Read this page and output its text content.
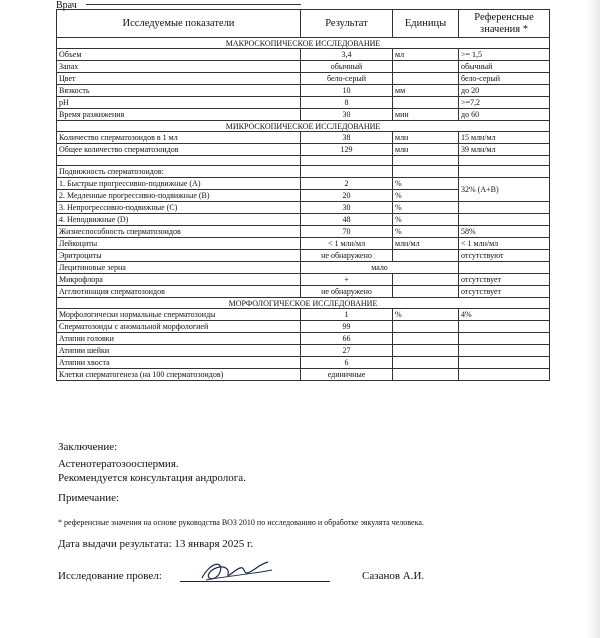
Врач
Исследуемые показатели	Результат	Единицы	Референсные значения *
МАКРОСКОПИЧЕСКОЕ ИССЛЕДОВАНИЕ			
Объем	3,4	мл	>= 1,5
Запах	обычный		обычный
Цвет	бело-серый		бело-серый
Вязкость	10	мм	до 20
pH	8		>=7,2
Время разжижения	30	мин	до 60
МИКРОСКОПИЧЕСКОЕ ИССЛЕДОВАНИЕ			
Количество сперматозоидов в 1 мл	38	млн	15 млн/мл
Общее количество сперматозоидов	129	млн	39 млн/мл

Подвижность сперматозоидов:			
1. Быстрые прогрессивно-подвижные (А)	2	%	32% (А+В)
2. Медленные прогрессивно-подвижные (В)	20	%	
3. Непрогрессивно-подвижные (С)	30	%	
4. Неподвижные (D)	48	%	
Жизнеспособность сперматозоидов	70	%	58%
Лейкоциты	< 1 млн/мл	млн/мл	< 1 млн/мл
Эритроциты	не обнаружено		отсутствуют
Лецитиновые зерна	мало		
Микрофлора	+		отсутствует
Агглютинация сперматозоидов	не обнаружено		отсутствует
МОРФОЛОГИЧЕСКОЕ ИССЛЕДОВАНИЕ			
Морфологически нормальные сперматозоиды	1	%	4%
Сперматозоиды с аномальной морфологией	99		
Атипии головки	66		
Атипии шейки	27		
Атипии хвоста	6		
Клетки сперматогенеза (на 100 сперматозоидов)	единичные		
Заключение:
Астенотератозооспермия.
Рекомендуется консультация андролога.
Примечание:
* референсные значения на основе руководства ВОЗ 2010 по исследованию и обработке эякулята человека.
Дата выдачи результата: 13 января 2025 г.
Исследование провел:	Сазанов А.И.
